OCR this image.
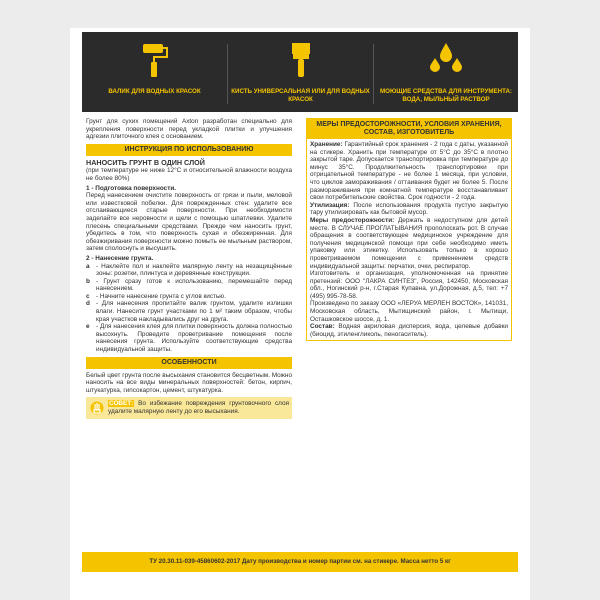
ВАЛИК ДЛЯ ВОДНЫХ КРАСОК	КИСТЬ УНИВЕРСАЛЬНАЯ ИЛИ ДЛЯ ВОДНЫХ КРАСОК
МОЮЩИЕ СРЕДСТВА ДЛЯ ИНСТРУМЕНТА: ВОДА, МЫЛЬНЫЙ РАСТВОР

Грунт для сухих помещений Axton разработан специально для укрепления поверхности перед укладкой плитки и улучшения адгезии плиточного клея с основанием.

ИНСТРУКЦИЯ ПО ИСПОЛЬЗОВАНИЮ
НАНОСИТЬ ГРУНТ В ОДИН СЛОЙ

(при температуре не ниже 12°C и относительной влажности воздуха не более 80%)

1 - Подготовка поверхности.

Перед нанесением очистите поверхность от грязи и пыли, меловой или известковой побелки. Для поврежденных стен: удалите все отслаивающиеся старые поверхности. При необходимости заделайте все неровности и щели с помощью шпатлевки. Удалите плесень специальными средствами. Прежде чем наносить грунт, убедитесь в том, что поверхность сухая и обезжиренная. Для обезжиривания поверхности можно помыть ее мыльным раствором, затем сполоснуть и высушить.

2 - Нанесение грунта.
a	- Наклейте пол и наклейте малярную ленту на незащищённые зоны: розетки, плинтуса и деревянные конструкции.
b - Грунт сразу готов к использованию, перемешайте перед нанесением.
c	- Начните нанесение грунта с углов кистью.
d - Для нанесения пропитайте валик грунтом, удалите излишки влаги. Нанесите грунт участками по 1 м² таким образом, чтобы края участков накладывались друг на друга.
e	- Для нанесения клея для плитки поверхность должна полностью высохнуть. Проведите проветривание помещения после нанесения грунта. Используйте соответствующие средства индивидуальной защиты.
ОСОБЕННОСТИ

Белый цвет грунта после высыхания становится бесцветным. Можно наносить на все виды минеральных поверхностей: бетон, кирпич, штукатурка, гипсокартон, цемент, штукатурка.

СОВЕТ: Во избежание повреждения грунтовочного слоя удалите малярную ленту до его высыхания.

МЕРЫ ПРЕДОСТОРОЖНОСТИ, УСЛОВИЯ ХРАНЕНИЯ, СОСТАВ, ИЗГОТОВИТЕЛЬ

Хранение: Гарантийный срок хранения - 2 года с даты, указанной на стикере. Хранить при температуре от 5°С до 35°С в плотно закрытой таре. Допускается транспортировка при температуре до минус 35°С. Продолжительность транспортировки при отрицательной температуре - не более 1 месяца, при условии, что циклов замораживания / оттаивания будет не более 5. После размораживания при комнатной температуре восстанавливает свои потребительские свойства. Срок годности - 2 года.

Утилизация: После использования продукта пустую закрытую тару утилизировать как бытовой мусор.

Меры предосторожности: Держать в недоступном для детей месте. В СЛУЧАЕ ПРОГЛАТЫВАНИЯ прополоскать рот. В случае обращения в соответствующее медицинское учреждение для получения медицинской помощи при себе необходимо иметь упаковку или этикетку. Использовать только в хорошо проветриваемом помещении с применением средств индивидуальной защиты: перчатки, очки, респиратор.

Изготовитель и организация, уполномоченная на принятие претензий: ООО "ЛАКРА СИНТЕЗ", Россия, 142450, Московская обл., Ногинский р-н, г.Старая Купавна, ул.Дорожная, д.5, тел: +7 (495) 995-78-58.

Произведено по заказу ООО «ЛЕРУА МЕРЛЕН ВОСТОК», 141031, Московская область, Мытищинский район, г. Мытищи, Осташковское шоссе, д. 1.

Состав: Водная акриловая дисперсия, вода, целевые добавки (биоцид, этиленгликоль, пеногаситель).

ТУ 20.30.11-039-45860602-2017 Дату производства и номер партии см. на стикере. Масса нетто 5 кг
